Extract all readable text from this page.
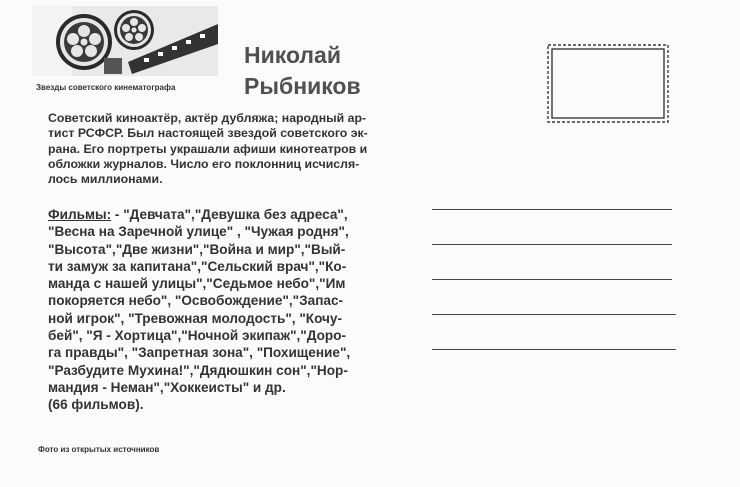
Звезды советского кинематографа
Николай
Рыбников
Советский киноактёр, актёр дубляжа; народный ар-
тист РСФСР. Был настоящей звездой советского эк-
рана. Его портреты украшали афиши кинотеатров и
обложки журналов. Число его поклонниц исчисля-
лось миллионами.
Фильмы: - "Девчата","Девушка без адреса",
"Весна на Заречной улице" , "Чужая родня",
"Высота","Две жизни","Война и мир","Вый-
ти замуж за капитана","Сельский врач","Ко-
манда с нашей улицы","Седьмое небо","Им
покоряется небо", "Освобождение","Запас-
ной игрок", "Тревожная молодость", "Кочу-
бей", "Я - Хортица","Ночной экипаж","Доро-
га правды", "Запретная зона", "Похищение",
"Разбудите Мухина!","Дядюшкин сон","Нор-
мандия - Неман","Хоккеисты" и др.
(66 фильмов).
Фото из открытых источников
